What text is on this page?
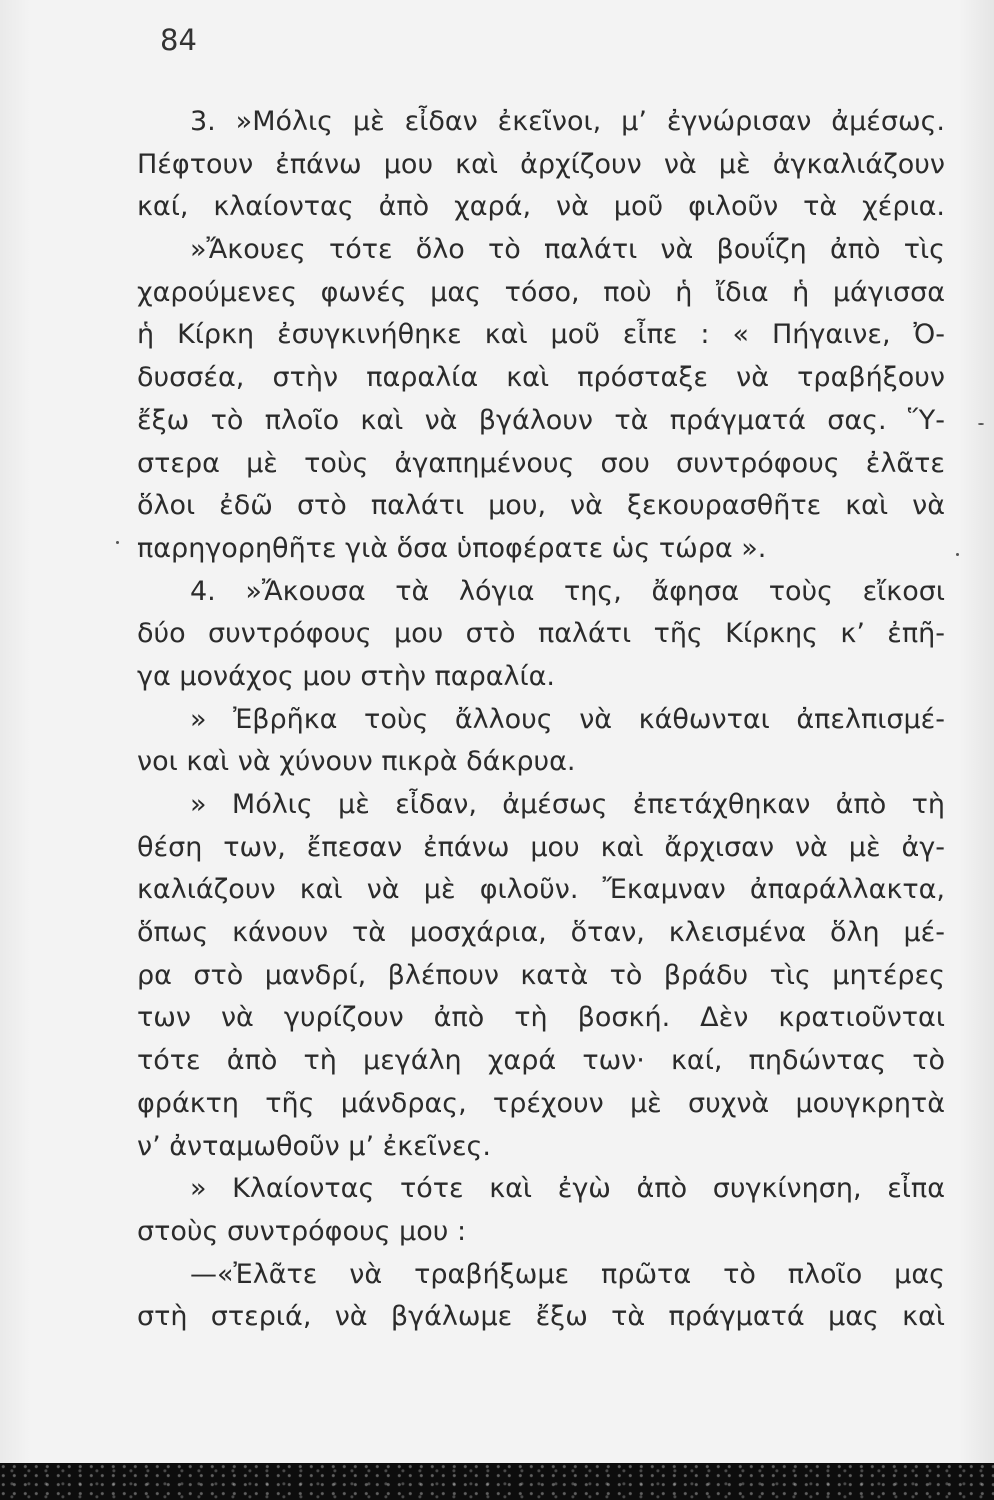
84
3. »Μόλις μὲ εἶδαν ἐκεῖνοι, μ’ ἐγνώρισαν ἀμέσως.
Πέφτουν ἐπάνω μου καὶ ἀρχίζουν νὰ μὲ ἀγκαλιάζουν
καί, κλαίοντας ἀπὸ χαρά, νὰ μοῦ φιλοῦν τὰ χέρια.
»Ἄκουες τότε ὅλο τὸ παλάτι νὰ βουΐζη ἀπὸ τὶς
χαρούμενες φωνές μας τόσο, ποὺ ἡ ἴδια ἡ μάγισσα
ἡ Κίρκη ἐσυγκινήθηκε καὶ μοῦ εἶπε : « Πήγαινε, Ὀ-
δυσσέα, στὴν παραλία καὶ πρόσταξε νὰ τραβήξουν
ἔξω τὸ πλοῖο καὶ νὰ βγάλουν τὰ πράγματά σας. Ὕ-
στερα μὲ τοὺς ἀγαπημένους σου συντρόφους ἐλᾶτε
ὅλοι ἐδῶ στὸ παλάτι μου, νὰ ξεκουρασθῆτε καὶ νὰ
παρηγορηθῆτε γιὰ ὅσα ὑποφέρατε ὡς τώρα ».
4. »Ἄκουσα τὰ λόγια της, ἄφησα τοὺς εἴκοσι
δύο συντρόφους μου στὸ παλάτι τῆς Κίρκης κ’ ἐπῆ-
γα μονάχος μου στὴν παραλία.
» Ἐβρῆκα τοὺς ἄλλους νὰ κάθωνται ἀπελπισμέ-
νοι καὶ νὰ χύνουν πικρὰ δάκρυα.
» Μόλις μὲ εἶδαν, ἀμέσως ἐπετάχθηκαν ἀπὸ τὴ
θέση των, ἔπεσαν ἐπάνω μου καὶ ἄρχισαν νὰ μὲ ἀγ-
καλιάζουν καὶ νὰ μὲ φιλοῦν. Ἔκαμναν ἀπαράλλακτα,
ὅπως κάνουν τὰ μοσχάρια, ὅταν, κλεισμένα ὅλη μέ-
ρα στὸ μανδρί, βλέπουν κατὰ τὸ βράδυ τὶς μητέρες
των νὰ γυρίζουν ἀπὸ τὴ βοσκή. Δὲν κρατιοῦνται
τότε ἀπὸ τὴ μεγάλη χαρά των· καί, πηδώντας τὸ
φράκτη τῆς μάνδρας, τρέχουν μὲ συχνὰ μουγκρητὰ
ν’ ἀνταμωθοῦν μ’ ἐκεῖνες.
» Κλαίοντας τότε καὶ ἐγὼ ἀπὸ συγκίνηση, εἶπα
στοὺς συντρόφους μου :
—«Ἐλᾶτε νὰ τραβήξωμε πρῶτα τὸ πλοῖο μας
στὴ στεριά, νὰ βγάλωμε ἔξω τὰ πράγματά μας καὶ
